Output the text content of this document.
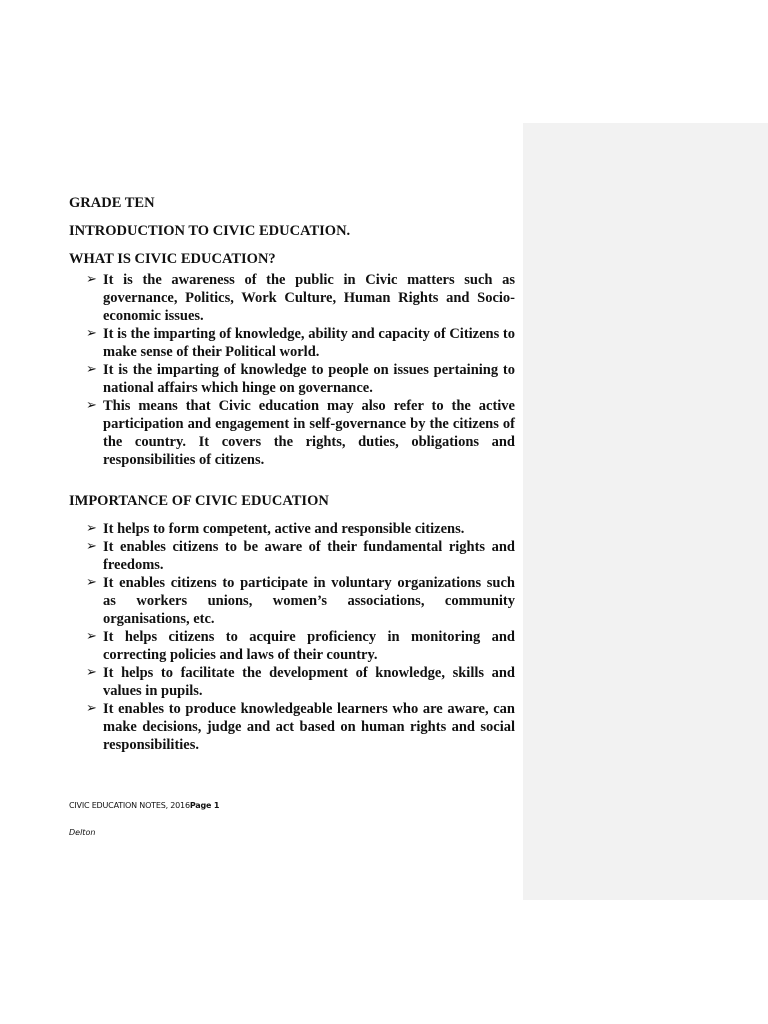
GRADE TEN

INTRODUCTION TO CIVIC EDUCATION.

WHAT IS CIVIC EDUCATION?

➢ It is the awareness of the public in Civic matters such as governance, Politics, Work Culture, Human Rights and Socio-economic issues.
➢ It is the imparting of knowledge, ability and capacity of Citizens to make sense of their Political world.
➢ It is the imparting of knowledge to people on issues pertaining to national affairs which hinge on governance.
➢ This means that Civic education may also refer to the active participation and engagement in self-governance by the citizens of the country. It covers the rights, duties, obligations and responsibilities of citizens.

IMPORTANCE OF CIVIC EDUCATION

➢ It helps to form competent, active and responsible citizens.
➢ It enables citizens to be aware of their fundamental rights and freedoms.
➢ It enables citizens to participate in voluntary organizations such as workers unions, women’s associations, community organisations, etc.
➢ It helps citizens to acquire proficiency in monitoring and correcting policies and laws of their country.
➢ It helps to facilitate the development of knowledge, skills and values in pupils.
➢ It enables to produce knowledgeable learners who are aware, can make decisions, judge and act based on human rights and social responsibilities.
CIVIC EDUCATION NOTES, 2016Page 1
Delton
